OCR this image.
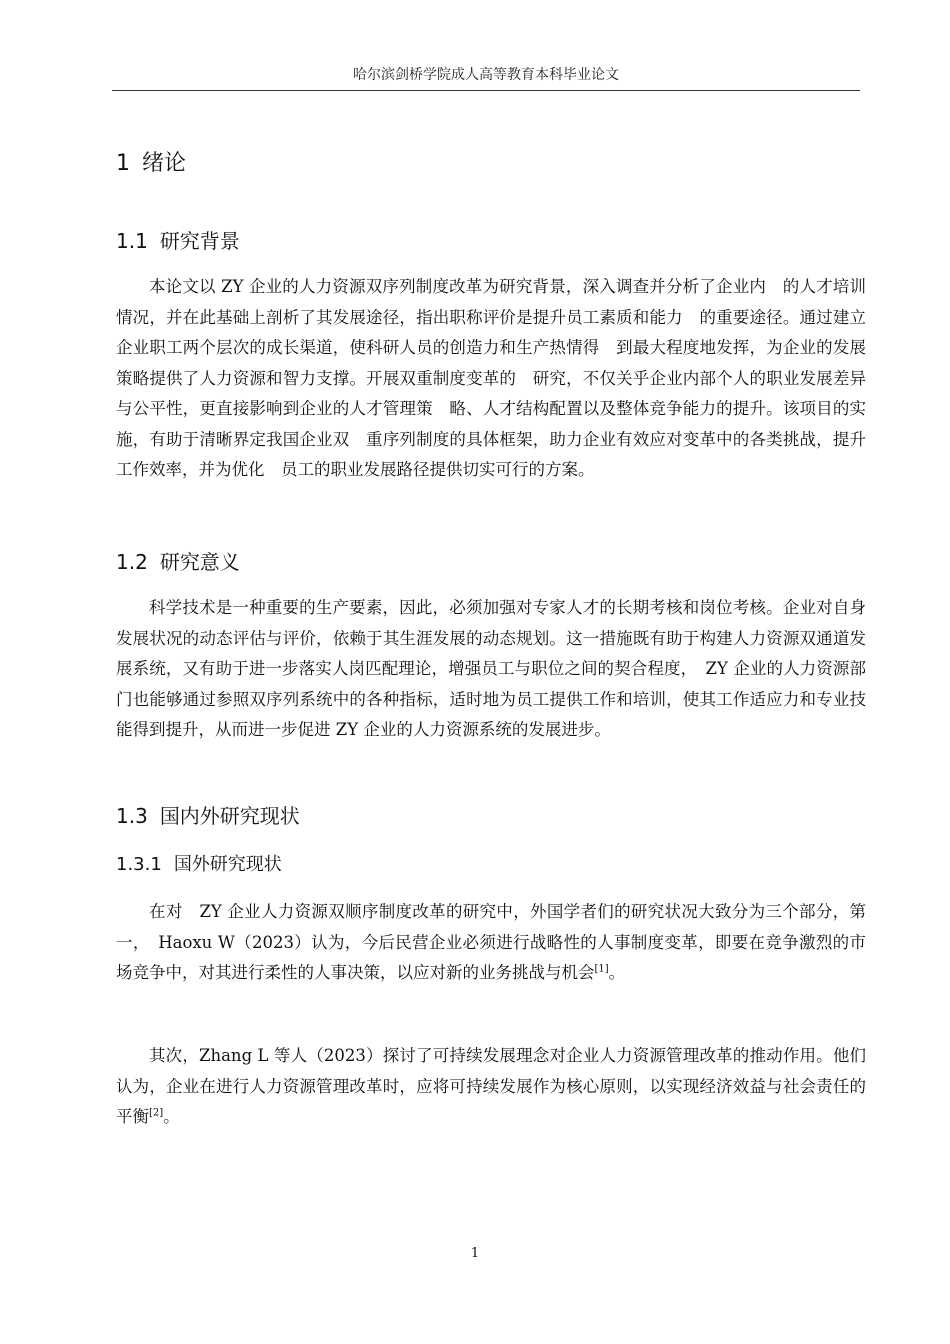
哈尔滨剑桥学院成人高等教育本科毕业论文
1 绪论
1.1 研究背景

本论文以 ZY 企业的人力资源双序列制度改革为研究背景，深入调查并分析了企业内　的人才培训情况，并在此基础上剖析了其发展途径，指出职称评价是提升员工素质和能力　的重要途径。通过建立企业职工两个层次的成长渠道，使科研人员的创造力和生产热情得　到最大程度地发挥，为企业的发展策略提供了人力资源和智力支撑。开展双重制度变革的　研究，不仅关乎企业内部个人的职业发展差异与公平性，更直接影响到企业的人才管理策　略、人才结构配置以及整体竞争能力的提升。该项目的实施，有助于清晰界定我国企业双　重序列制度的具体框架，助力企业有效应对变革中的各类挑战，提升工作效率，并为优化　员工的职业发展路径提供切实可行的方案。

1.2 研究意义

科学技术是一种重要的生产要素，因此，必须加强对专家人才的长期考核和岗位考核。企业对自身发展状况的动态评估与评价，依赖于其生涯发展的动态规划。这一措施既有助于构建人力资源双通道发展系统，又有助于进一步落实人岗匹配理论，增强员工与职位之间的契合程度，　ZY 企业的人力资源部门也能够通过参照双序列系统中的各种指标，适时地为员工提供工作和培训，使其工作适应力和专业技能得到提升，从而进一步促进 ZY 企业的人力资源系统的发展进步。

1.3 国内外研究现状
1.3.1 国外研究现状

在对　ZY 企业人力资源双顺序制度改革的研究中，外国学者们的研究状况大致分为三个部分，第一，　Haoxu W（2023）认为，今后民营企业必须进行战略性的人事制度变革，即要在竞争激烈的市场竞争中，对其进行柔性的人事决策，以应对新的业务挑战与机会[1]。

其次，Zhang L 等人（2023）探讨了可持续发展理念对企业人力资源管理改革的推动作用。他们认为，企业在进行人力资源管理改革时，应将可持续发展作为核心原则，以实现经济效益与社会责任的平衡[2]。

1
